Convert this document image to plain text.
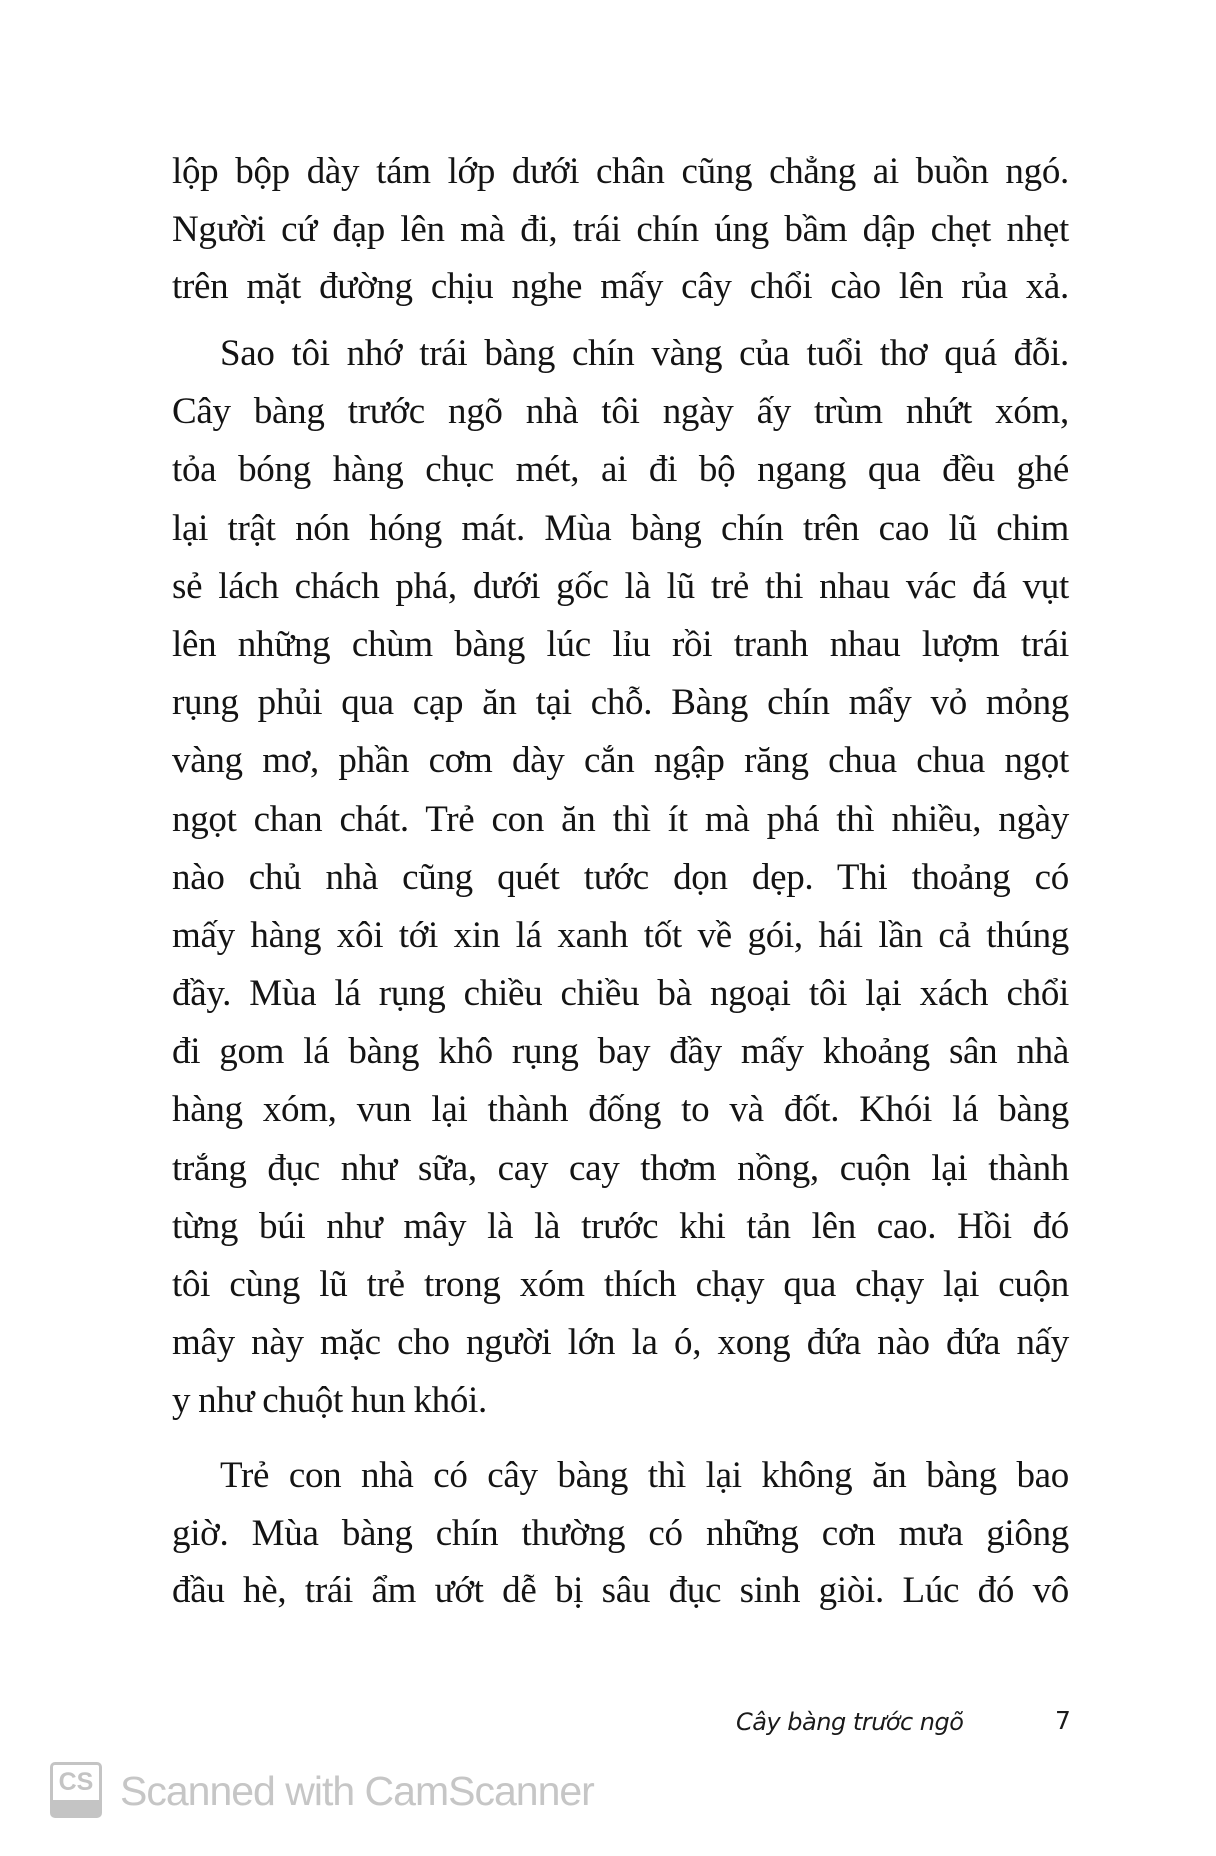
lộp bộp dày tám lớp dưới chân cũng chẳng ai buồn ngó.
Người cứ đạp lên mà đi, trái chín úng bầm dập chẹt nhẹt
trên mặt đường chịu nghe mấy cây chổi cào lên rủa xả.
Sao tôi nhớ trái bàng chín vàng của tuổi thơ quá đỗi.
Cây bàng trước ngõ nhà tôi ngày ấy trùm nhứt xóm,
tỏa bóng hàng chục mét, ai đi bộ ngang qua đều ghé
lại trật nón hóng mát. Mùa bàng chín trên cao lũ chim
sẻ lách chách phá, dưới gốc là lũ trẻ thi nhau vác đá vụt
lên những chùm bàng lúc lỉu rồi tranh nhau lượm trái
rụng phủi qua cạp ăn tại chỗ. Bàng chín mẩy vỏ mỏng
vàng mơ, phần cơm dày cắn ngập răng chua chua ngọt
ngọt chan chát. Trẻ con ăn thì ít mà phá thì nhiều, ngày
nào chủ nhà cũng quét tước dọn dẹp. Thi thoảng có
mấy hàng xôi tới xin lá xanh tốt về gói, hái lần cả thúng
đầy. Mùa lá rụng chiều chiều bà ngoại tôi lại xách chổi
đi gom lá bàng khô rụng bay đầy mấy khoảng sân nhà
hàng xóm, vun lại thành đống to và đốt. Khói lá bàng
trắng đục như sữa, cay cay thơm nồng, cuộn lại thành
từng búi như mây là là trước khi tản lên cao. Hồi đó
tôi cùng lũ trẻ trong xóm thích chạy qua chạy lại cuộn
mây này mặc cho người lớn la ó, xong đứa nào đứa nấy
y như chuột hun khói.
Trẻ con nhà có cây bàng thì lại không ăn bàng bao
giờ. Mùa bàng chín thường có những cơn mưa giông
đầu hè, trái ẩm ướt dễ bị sâu đục sinh giòi. Lúc đó vô
Cây bàng trước ngõ	7
CS Scanned with CamScanner
